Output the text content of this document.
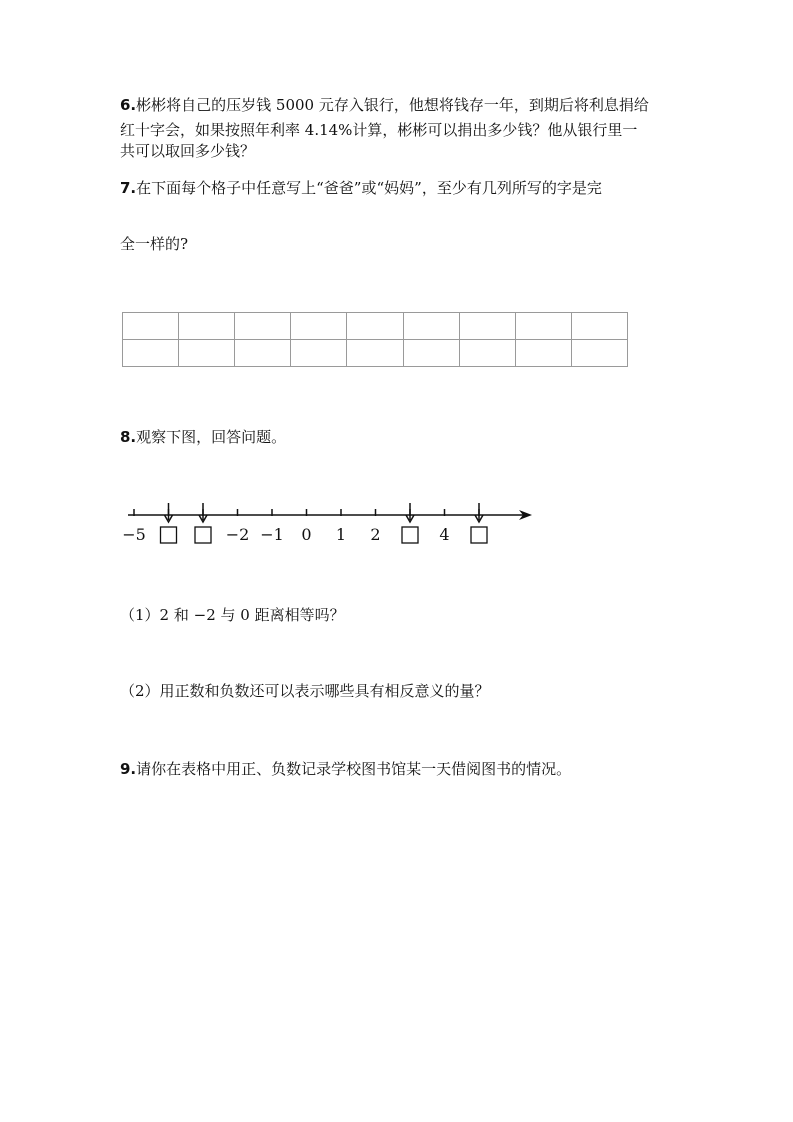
6.彬彬将自己的压岁钱 5000 元存入银行，他想将钱存一年，到期后将利息捐给

红十字会，如果按照年利率 4.14%计算，彬彬可以捐出多少钱？他从银行里一

共可以取回多少钱？

7.在下面每个格子中任意写上“爸爸”或“妈妈”，至少有几列所写的字是完

全一样的?

8.观察下图，回答问题。

−5	−2 −1 0 1 2	4

（1）2 和 −2 与 0 距离相等吗？

（2）用正数和负数还可以表示哪些具有相反意义的量？

9.请你在表格中用正、负数记录学校图书馆某一天借阅图书的情况。
